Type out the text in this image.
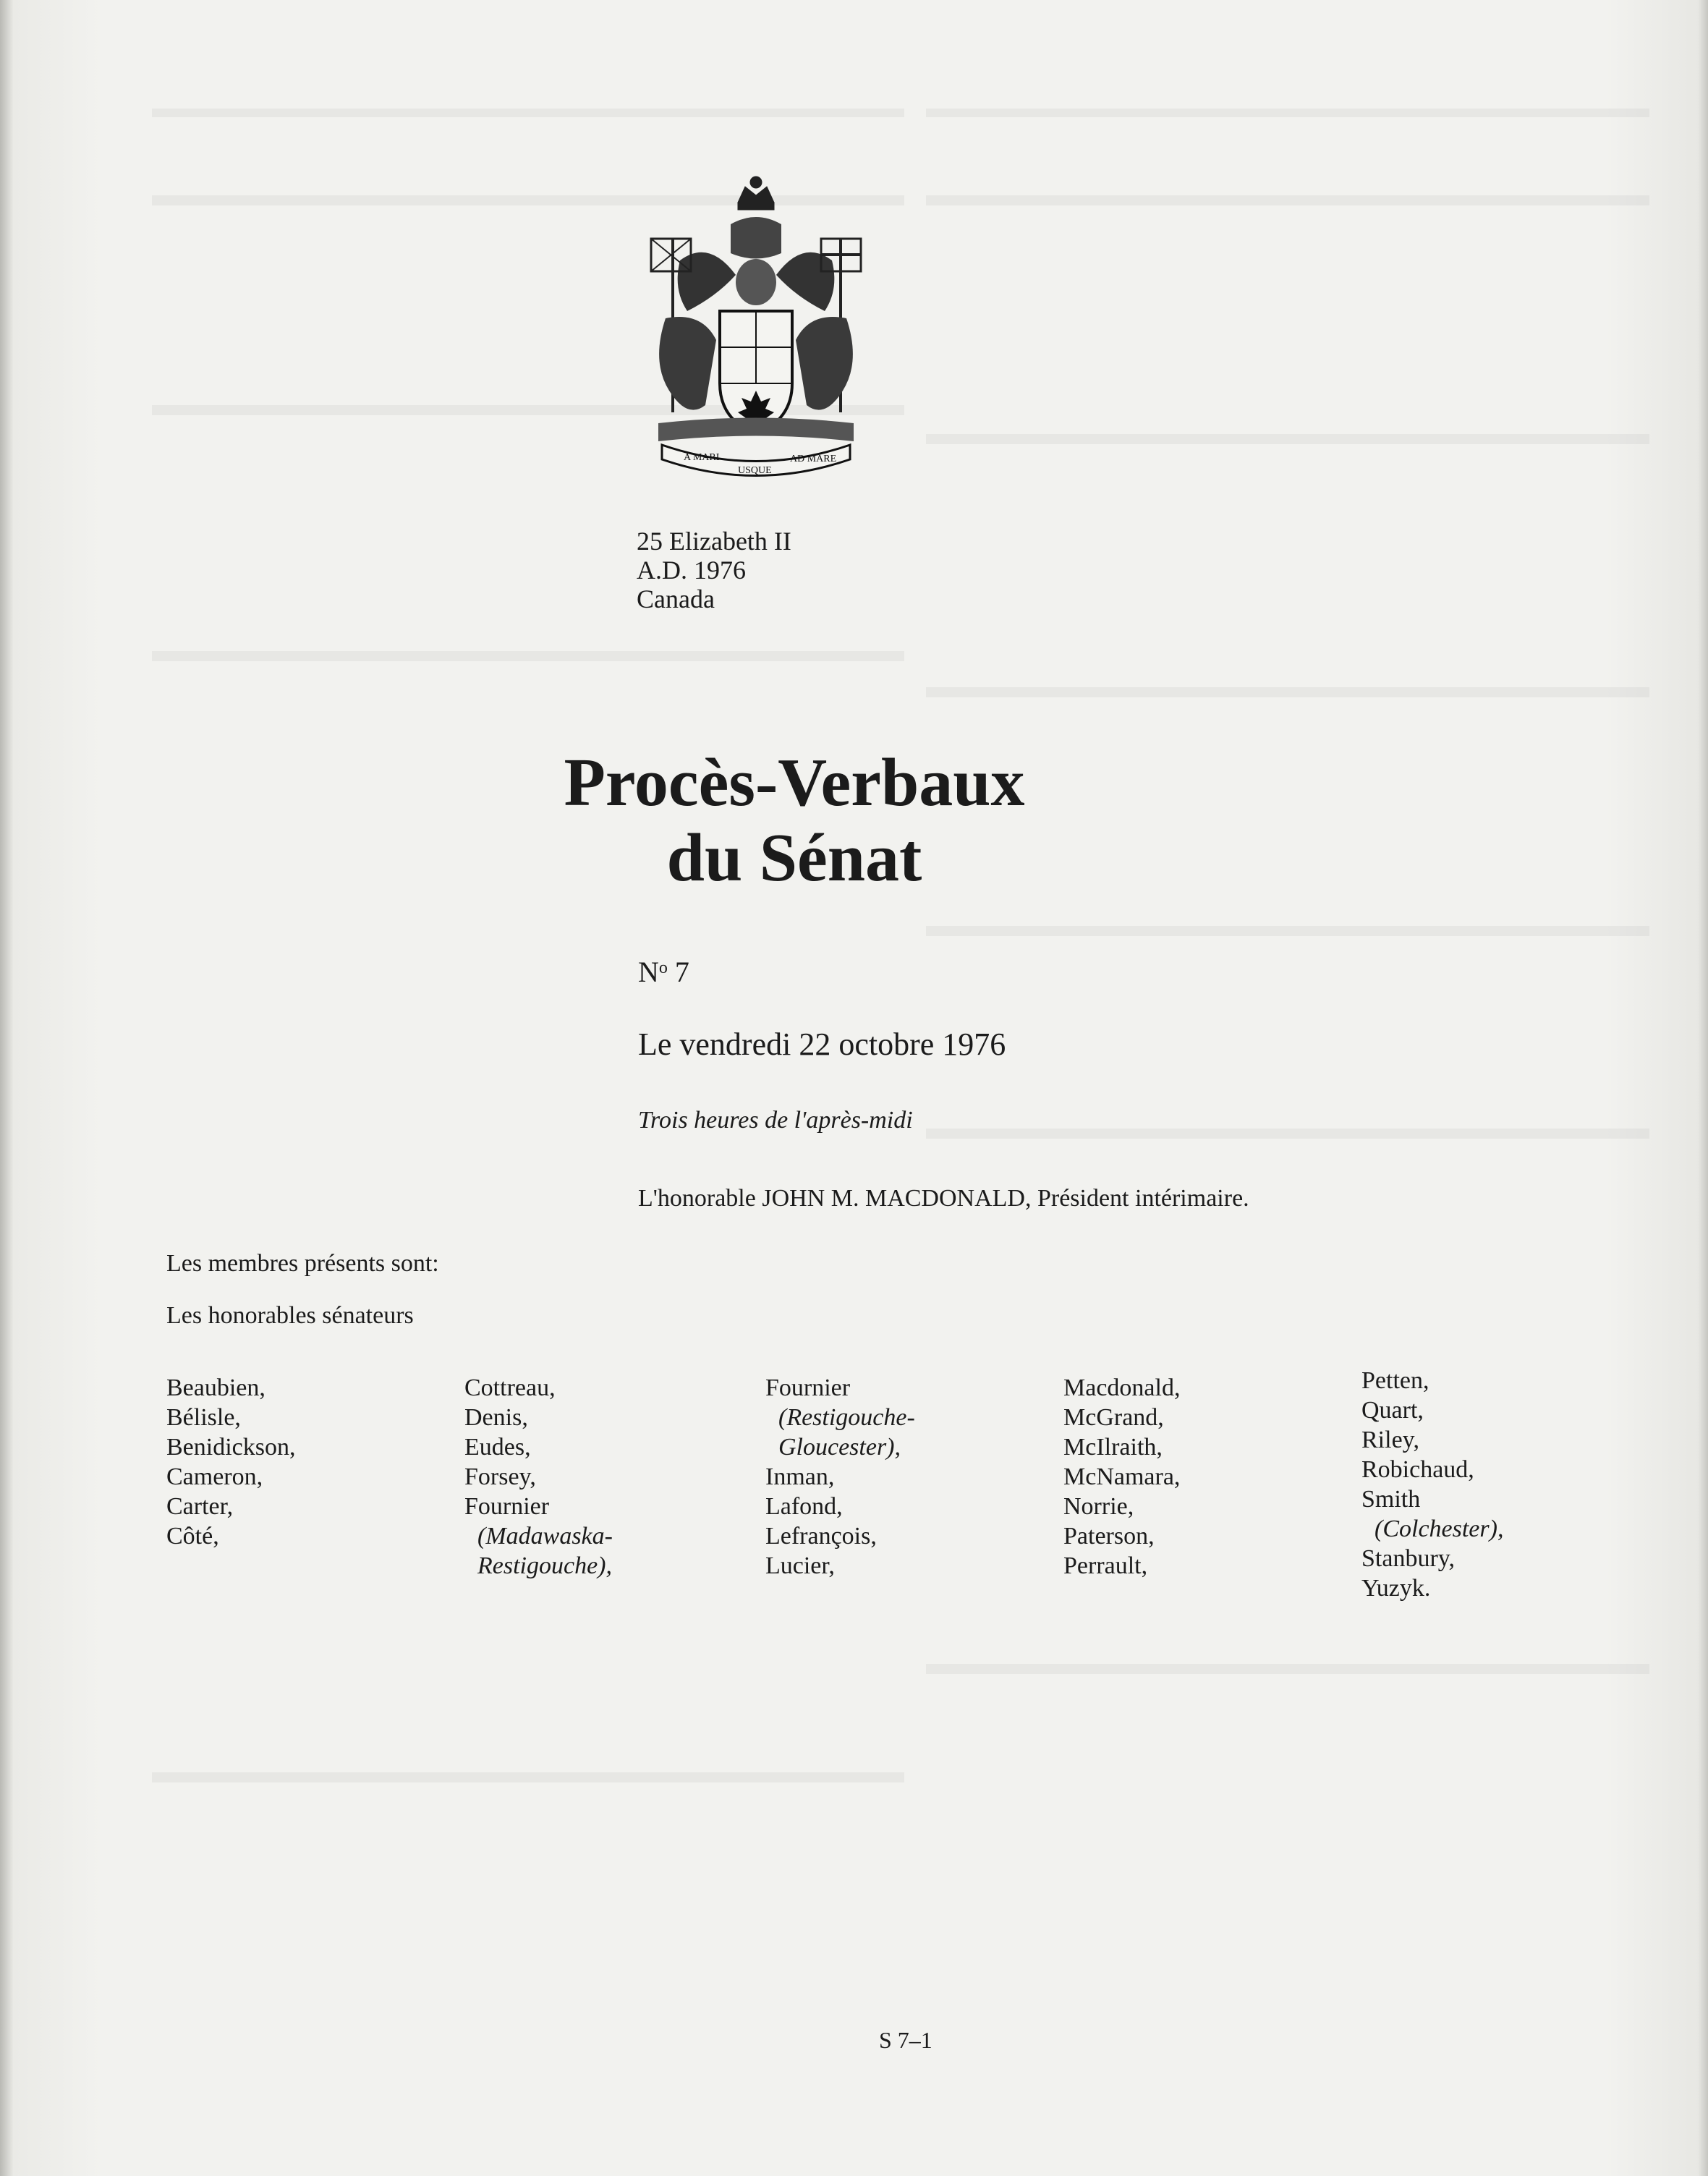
A MARI
USQUE
AD MARE
25 Elizabeth II
A.D. 1976
Canada
Procès-Verbaux
du Sénat
$N^o$ 7
Le vendredi 22 octobre 1976
Trois heures de l'après-midi
L'honorable JOHN M. MACDONALD, Président intérimaire.
Les membres présents sont:
Les honorables sénateurs
Beaubien,
Bélisle,
Benidickson,
Cameron,
Carter,
Côté,
Cottreau,
Denis,
Eudes,
Forsey,
Fournier
(Madawaska-
Restigouche),
Fournier
(Restigouche-
Gloucester),
Inman,
Lafond,
Lefrançois,
Lucier,
Macdonald,
McGrand,
McIlraith,
McNamara,
Norrie,
Paterson,
Perrault,
Petten,
Quart,
Riley,
Robichaud,
Smith
(Colchester),
Stanbury,
Yuzyk.
S 7–1
